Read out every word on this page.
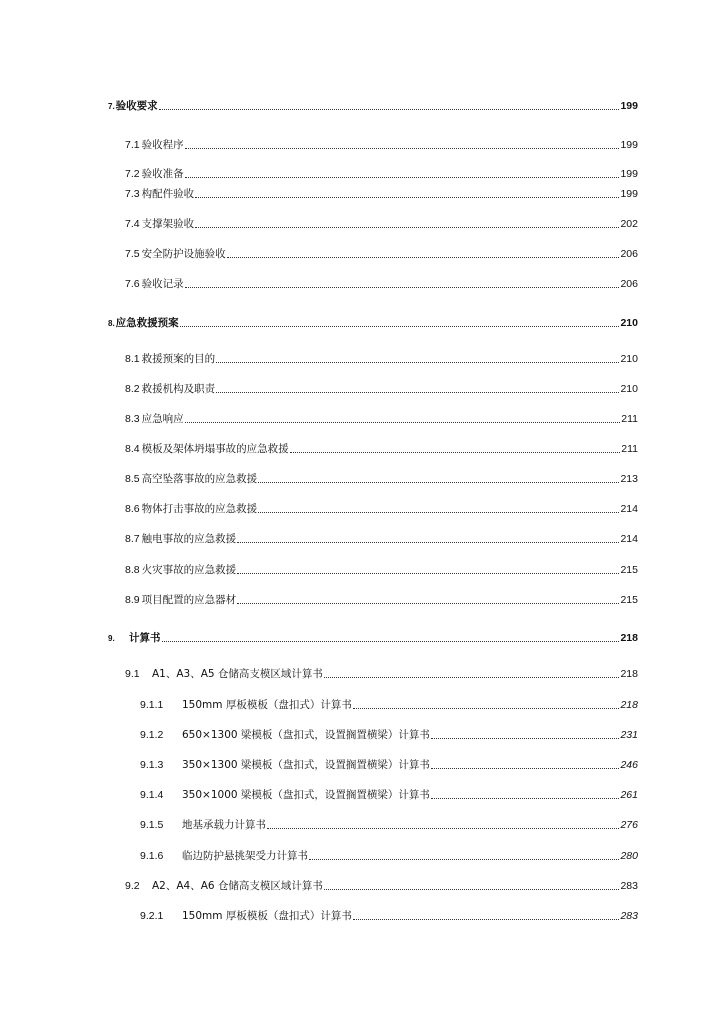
7. 验收要求	199
7.1 验收程序	199
7.2 验收准备	199
7.3 构配件验收	199
7.4 支撑架验收	202
7.5 安全防护设施验收	206
7.6 验收记录	206
8. 应急救援预案	210
8.1 救援预案的目的	210
8.2 救援机构及职责	210
8.3 应急响应	211
8.4 模板及架体坍塌事故的应急救援	211
8.5 高空坠落事故的应急救援	213
8.6 物体打击事故的应急救援	214
8.7 触电事故的应急救援	214
8.8 火灾事故的应急救援	215
8.9 项目配置的应急器材	215
9.	计算书	218
9.1	A1、A3、A5 仓储高支模区域计算书	218
9.1.1	150mm 厚板模板（盘扣式）计算书	218
9.1.2	650×1300 梁模板（盘扣式，设置搁置横梁）计算书	231
9.1.3	350×1300 梁模板（盘扣式，设置搁置横梁）计算书	246
9.1.4	350×1000 梁模板（盘扣式，设置搁置横梁）计算书	261
9.1.5	地基承载力计算书	276
9.1.6	临边防护悬挑架受力计算书	280
9.2	A2、A4、A6 仓储高支模区域计算书	283
9.2.1	150mm 厚板模板（盘扣式）计算书	283
